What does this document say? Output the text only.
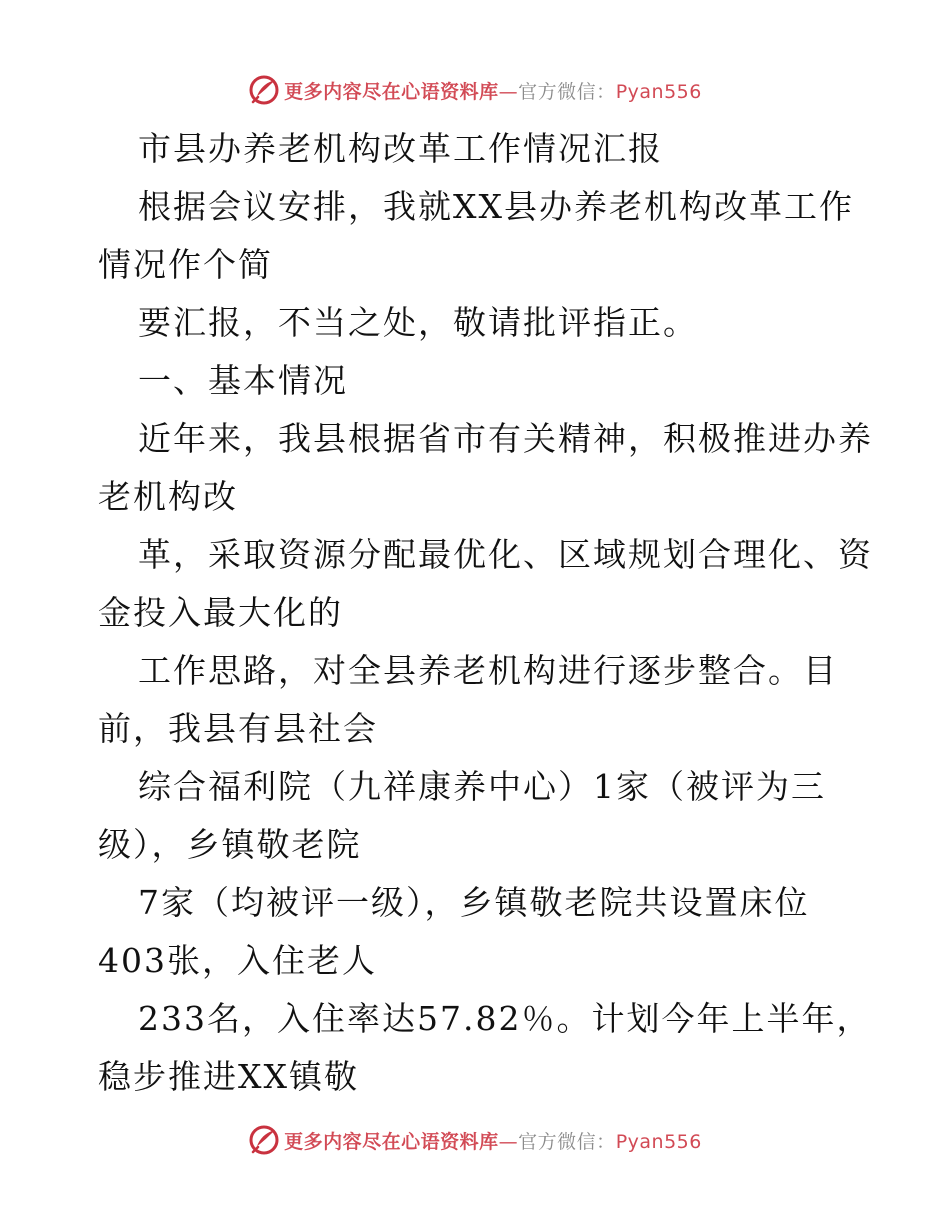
更多内容尽在心语资料库—官方微信：Pyan556
市县办养老机构改革工作情况汇报
根据会议安排，我就XX县办养老机构改革工作
情况作个简
要汇报，不当之处，敬请批评指正。
一、基本情况
近年来，我县根据省市有关精神，积极推进办养
老机构改
革，采取资源分配最优化、区域规划合理化、资
金投入最大化的
工作思路，对全县养老机构进行逐步整合。目
前，我县有县社会
综合福利院（九祥康养中心）1家（被评为三
级），乡镇敬老院
7家（均被评一级），乡镇敬老院共设置床位
403张，入住老人
233名，入住率达57.82％。计划今年上半年，
稳步推进XX镇敬
更多内容尽在心语资料库—官方微信：Pyan556
